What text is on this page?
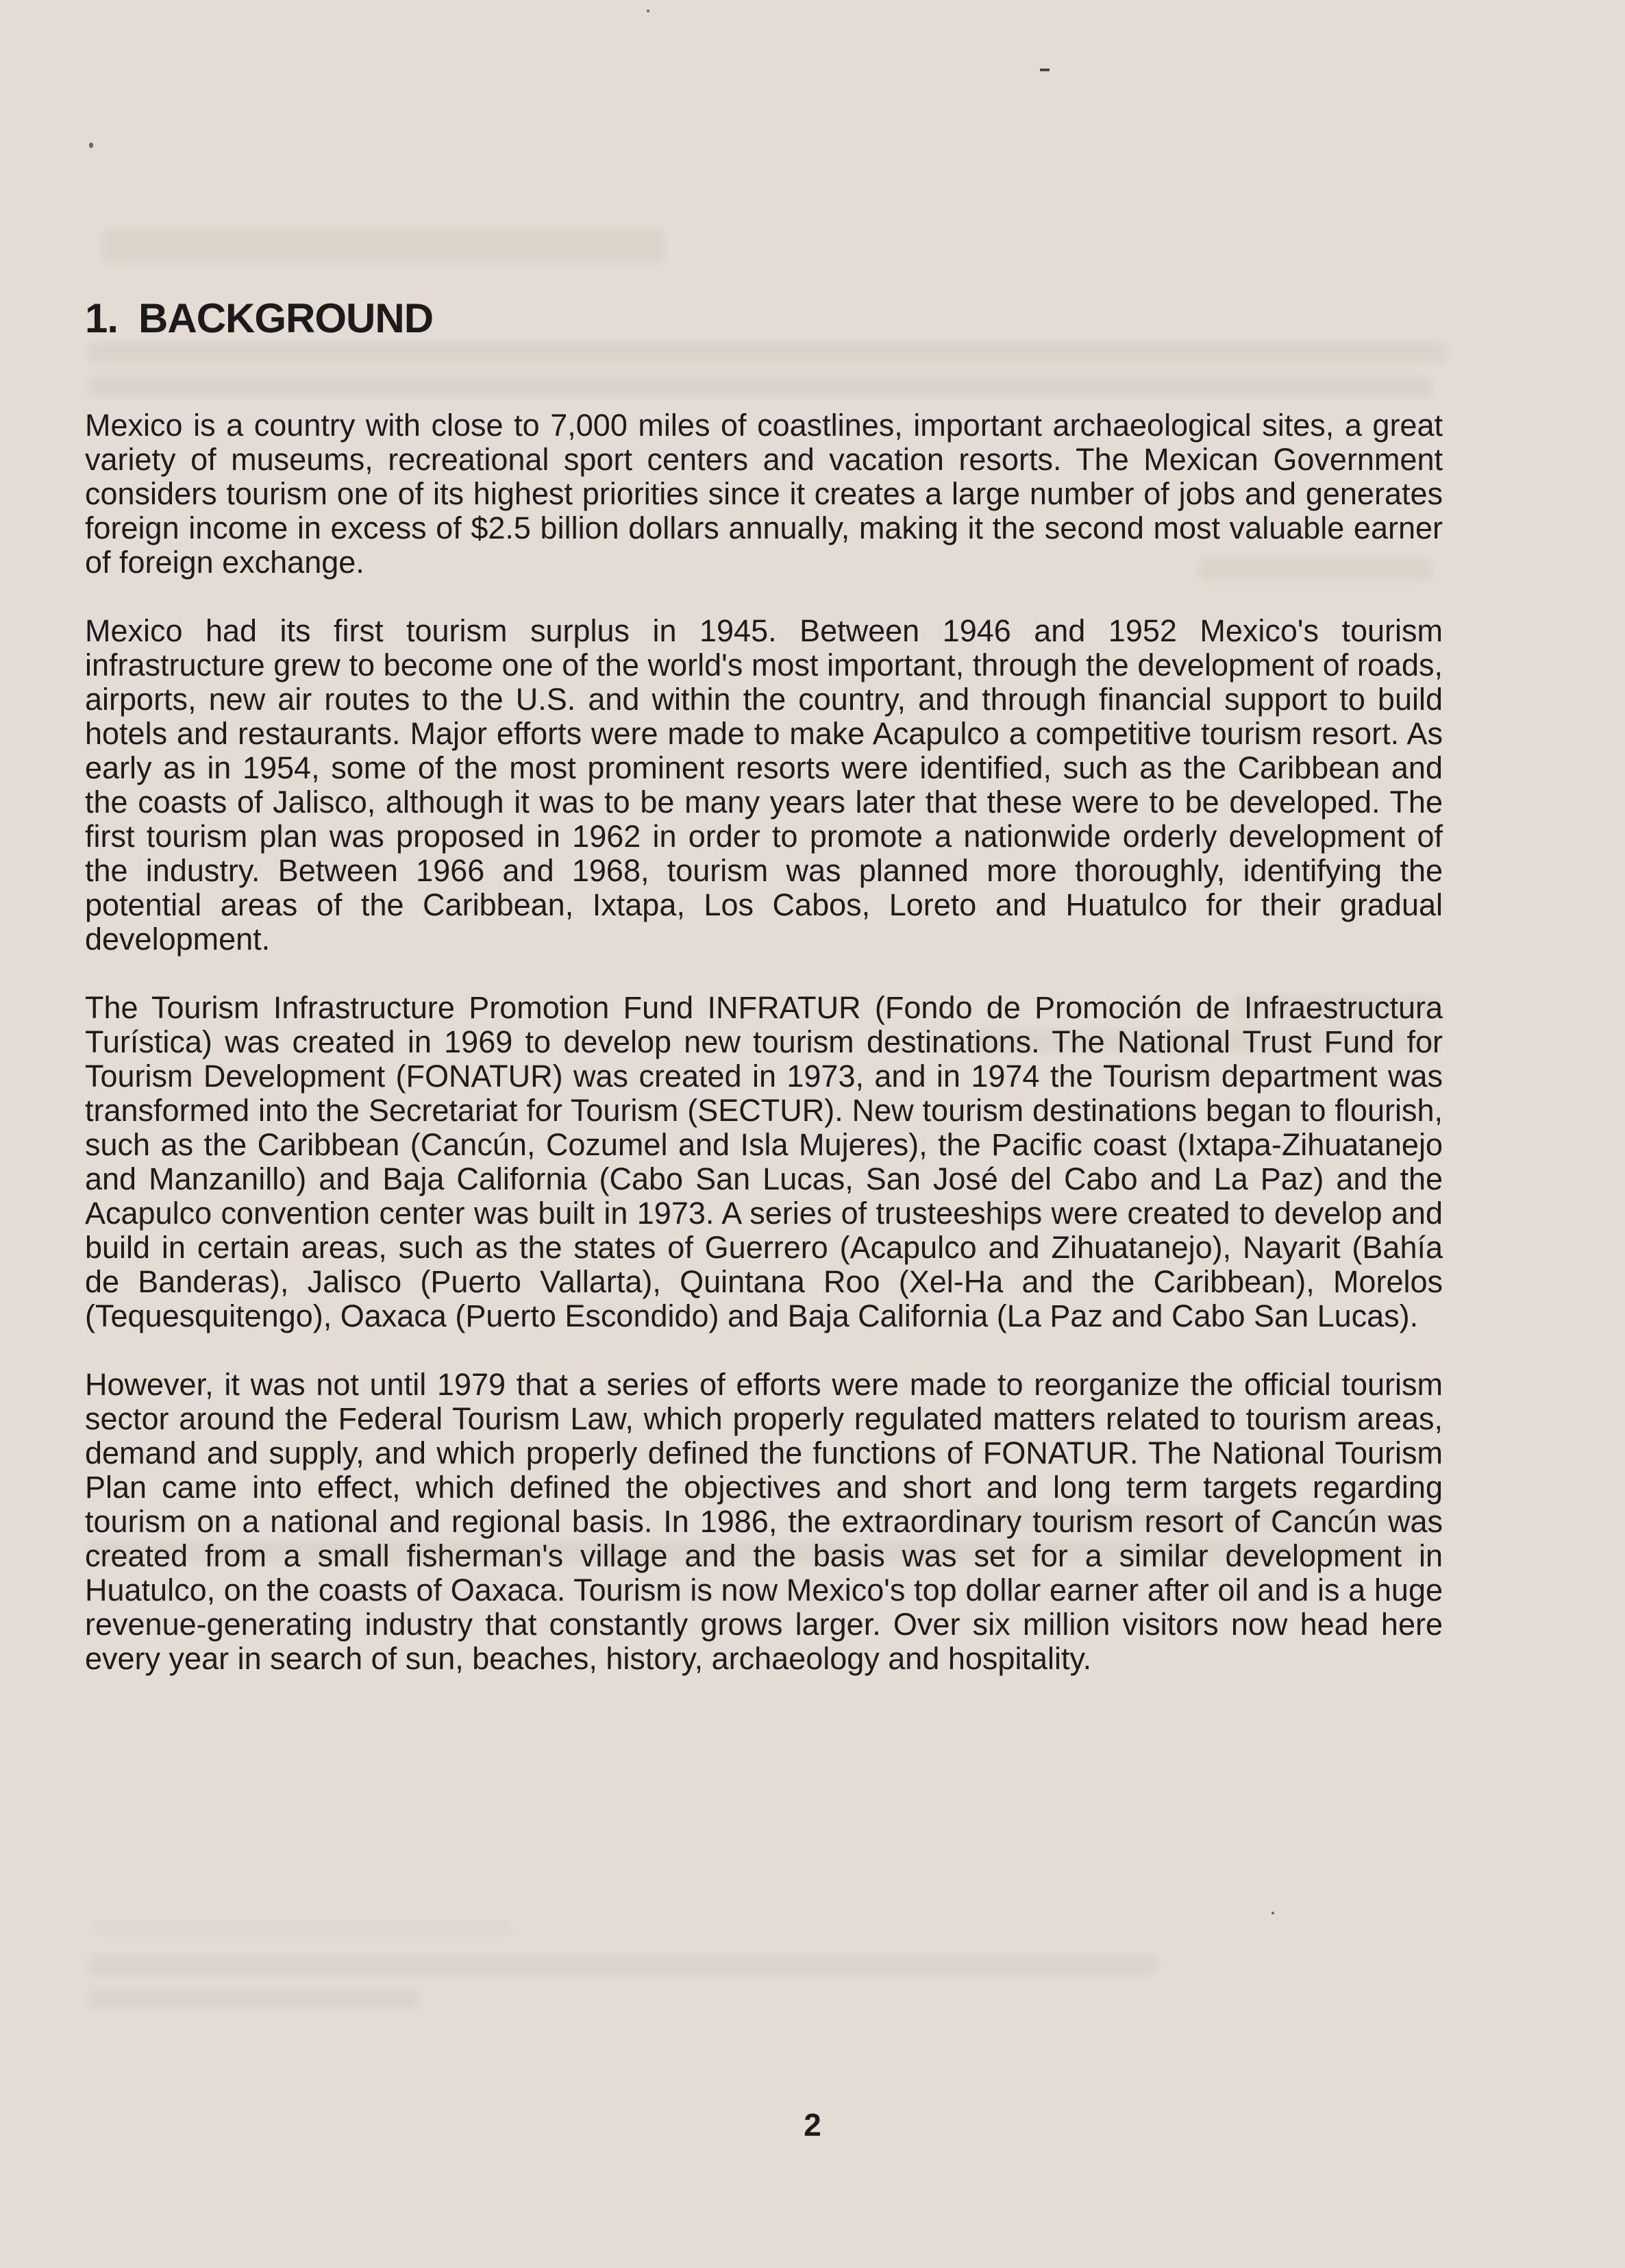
1. BACKGROUND

Mexico is a country with close to 7,000 miles of coastlines, important archaeological sites, a great variety of museums, recreational sport centers and vacation resorts. The Mexican Government considers tourism one of its highest priorities since it creates a large number of jobs and generates foreign income in excess of $2.5 billion dollars annually, making it the second most valuable earner of foreign exchange.

Mexico had its first tourism surplus in 1945. Between 1946 and 1952 Mexico's tourism infrastructure grew to become one of the world's most important, through the development of roads, airports, new air routes to the U.S. and within the country, and through financial support to build hotels and restaurants. Major efforts were made to make Acapulco a competitive tourism resort. As early as in 1954, some of the most prominent resorts were identified, such as the Caribbean and the coasts of Jalisco, although it was to be many years later that these were to be developed. The first tourism plan was proposed in 1962 in order to promote a nationwide orderly development of the industry. Between 1966 and 1968, tourism was planned more thoroughly, identifying the potential areas of the Caribbean, Ixtapa, Los Cabos, Loreto and Huatulco for their gradual development.

The Tourism Infrastructure Promotion Fund INFRATUR (Fondo de Promoción de Infraestructura Turística) was created in 1969 to develop new tourism destinations. The National Trust Fund for Tourism Development (FONATUR) was created in 1973, and in 1974 the Tourism department was transformed into the Secretariat for Tourism (SECTUR). New tourism destinations began to flourish, such as the Caribbean (Cancún, Cozumel and Isla Mujeres), the Pacific coast (Ixtapa-Zihuatanejo and Manzanillo) and Baja California (Cabo San Lucas, San José del Cabo and La Paz) and the Acapulco convention center was built in 1973. A series of trusteeships were created to develop and build in certain areas, such as the states of Guerrero (Acapulco and Zihuatanejo), Nayarit (Bahía de Banderas), Jalisco (Puerto Vallarta), Quintana Roo (Xel-Ha and the Caribbean), Morelos (Tequesquitengo), Oaxaca (Puerto Escondido) and Baja California (La Paz and Cabo San Lucas).

However, it was not until 1979 that a series of efforts were made to reorganize the official tourism sector around the Federal Tourism Law, which properly regulated matters related to tourism areas, demand and supply, and which properly defined the functions of FONATUR. The National Tourism Plan came into effect, which defined the objectives and short and long term targets regarding tourism on a national and regional basis. In 1986, the extraordinary tourism resort of Cancún was created from a small fisherman's village and the basis was set for a similar development in Huatulco, on the coasts of Oaxaca. Tourism is now Mexico's top dollar earner after oil and is a huge revenue-generating industry that constantly grows larger. Over six million visitors now head here every year in search of sun, beaches, history, archaeology and hospitality.

2
